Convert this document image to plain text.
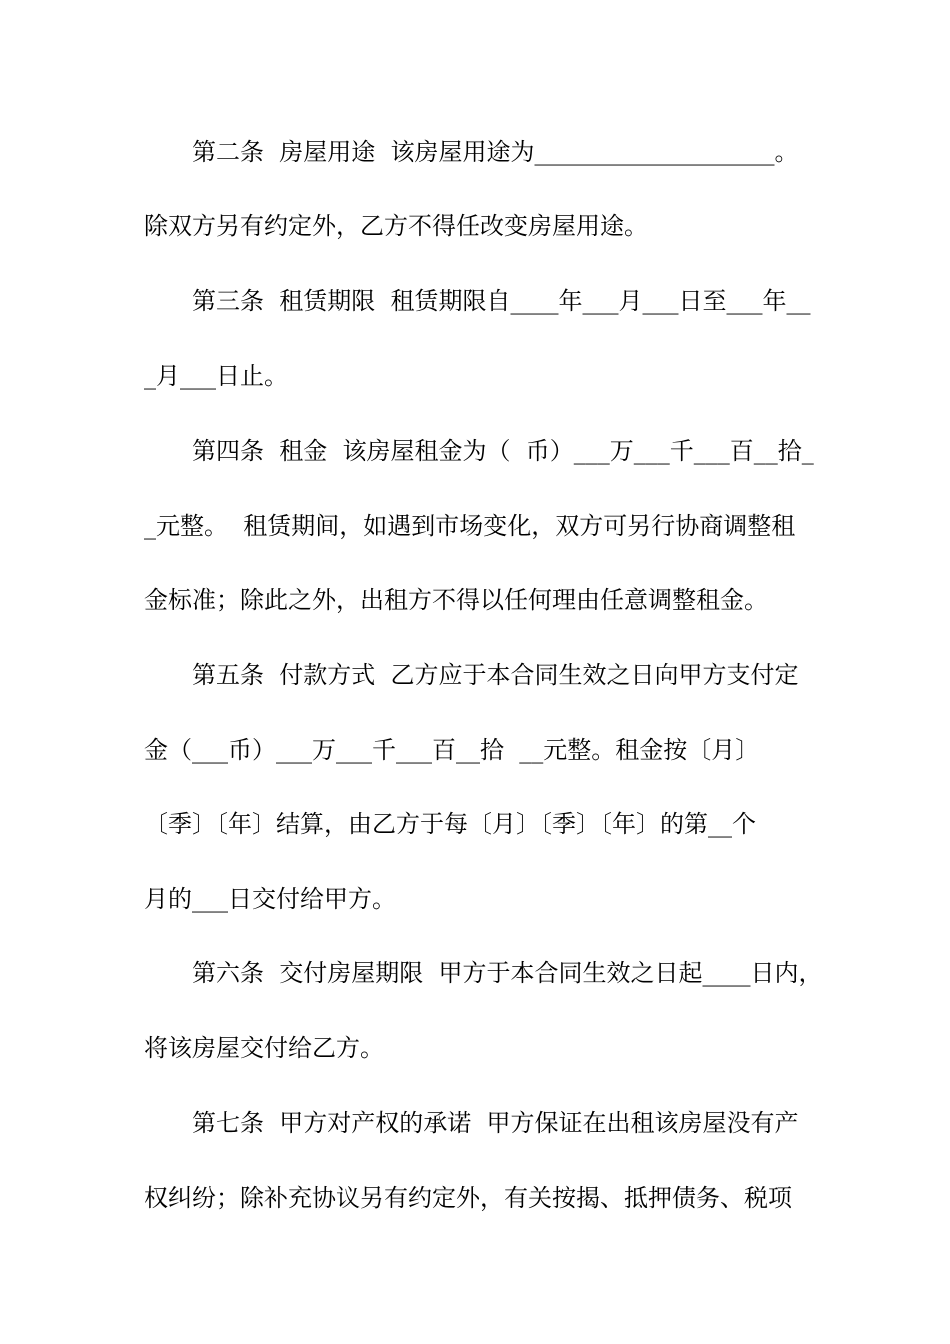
第二条  房屋用途  该房屋用途为____________________。
除双方另有约定外，乙方不得任改变房屋用途。
第三条  租赁期限  租赁期限自____年___月___日至___年__
_月___日止。
第四条  租金  该房屋租金为（  币）___万___千___百__拾_
_元整。  租赁期间，如遇到市场变化，双方可另行协商调整租
金标准；除此之外，出租方不得以任何理由任意调整租金。
第五条  付款方式  乙方应于本合同生效之日向甲方支付定
金（___币）___万___千___百__拾  __元整。租金按〔月〕
〔季〕〔年〕结算，由乙方于每〔月〕〔季〕〔年〕的第__个
月的___日交付给甲方。
第六条  交付房屋期限  甲方于本合同生效之日起____日内，
将该房屋交付给乙方。
第七条  甲方对产权的承诺  甲方保证在出租该房屋没有产
权纠纷；除补充协议另有约定外，有关按揭、抵押债务、税项
